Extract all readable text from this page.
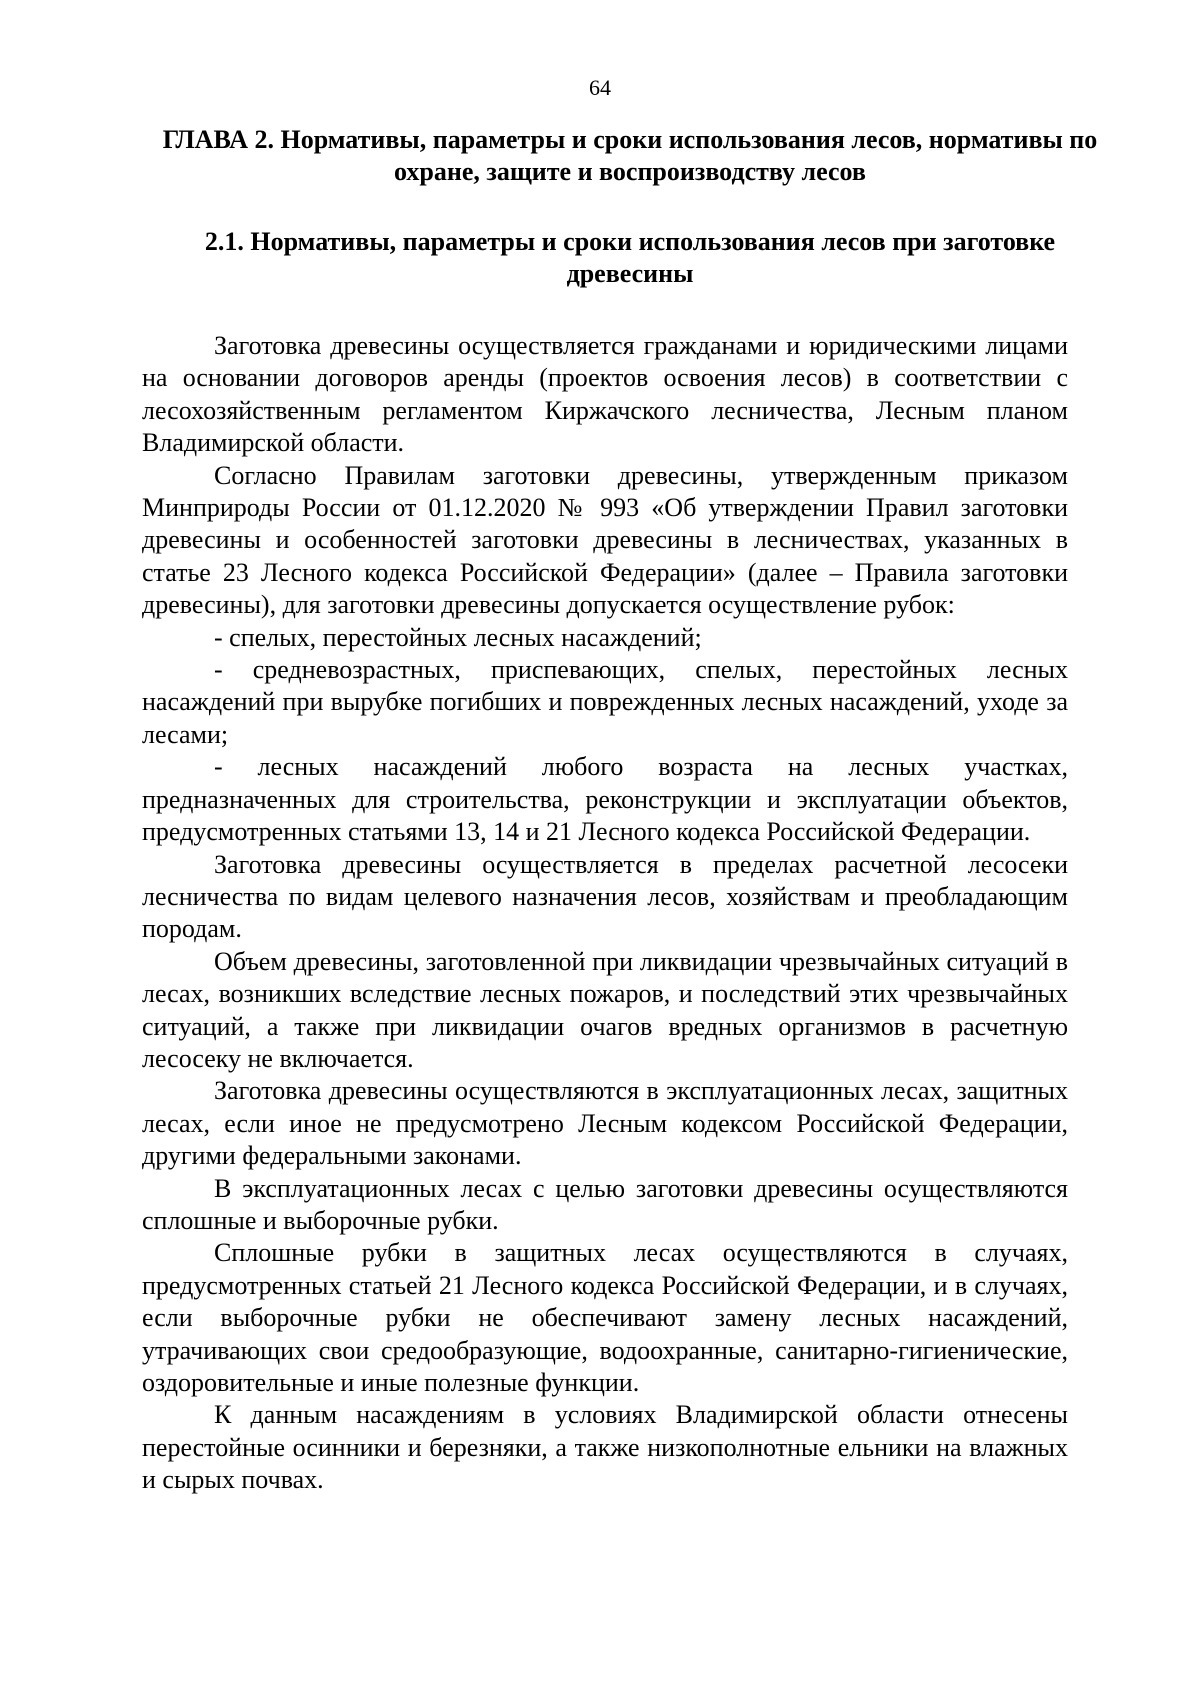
64
ГЛАВА 2. Нормативы, параметры и сроки использования лесов, нормативы по охране, защите и воспроизводству лесов
2.1. Нормативы, параметры и сроки использования лесов при заготовке древесины

Заготовка древесины осуществляется гражданами и юридическими лицами на основании договоров аренды (проектов освоения лесов) в соответствии с лесохозяйственным регламентом Киржачского лесничества, Лесным планом Владимирской области.

Согласно Правилам заготовки древесины, утвержденным приказом Минприроды России от 01.12.2020 № 993 «Об утверждении Правил заготовки древесины и особенностей заготовки древесины в лесничествах, указанных в статье 23 Лесного кодекса Российской Федерации» (далее – Правила заготовки древесины), для заготовки древесины допускается осуществление рубок:

- спелых, перестойных лесных насаждений;

- средневозрастных, приспевающих, спелых, перестойных лесных насаждений при вырубке погибших и поврежденных лесных насаждений, уходе за лесами;

- лесных насаждений любого возраста на лесных участках, предназначенных для строительства, реконструкции и эксплуатации объектов, предусмотренных статьями 13, 14 и 21 Лесного кодекса Российской Федерации.

Заготовка древесины осуществляется в пределах расчетной лесосеки лесничества по видам целевого назначения лесов, хозяйствам и преобладающим породам.

Объем древесины, заготовленной при ликвидации чрезвычайных ситуаций в лесах, возникших вследствие лесных пожаров, и последствий этих чрезвычайных ситуаций, а также при ликвидации очагов вредных организмов в расчетную лесосеку не включается.

Заготовка древесины осуществляются в эксплуатационных лесах, защитных лесах, если иное не предусмотрено Лесным кодексом Российской Федерации, другими федеральными законами.

В эксплуатационных лесах с целью заготовки древесины осуществляются сплошные и выборочные рубки.

Сплошные рубки в защитных лесах осуществляются в случаях, предусмотренных статьей 21 Лесного кодекса Российской Федерации, и в случаях, если выборочные рубки не обеспечивают замену лесных насаждений, утрачивающих свои средообразующие, водоохранные, санитарно-гигиенические, оздоровительные и иные полезные функции.

К данным насаждениям в условиях Владимирской области отнесены перестойные осинники и березняки, а также низкополнотные ельники на влажных и сырых почвах.
